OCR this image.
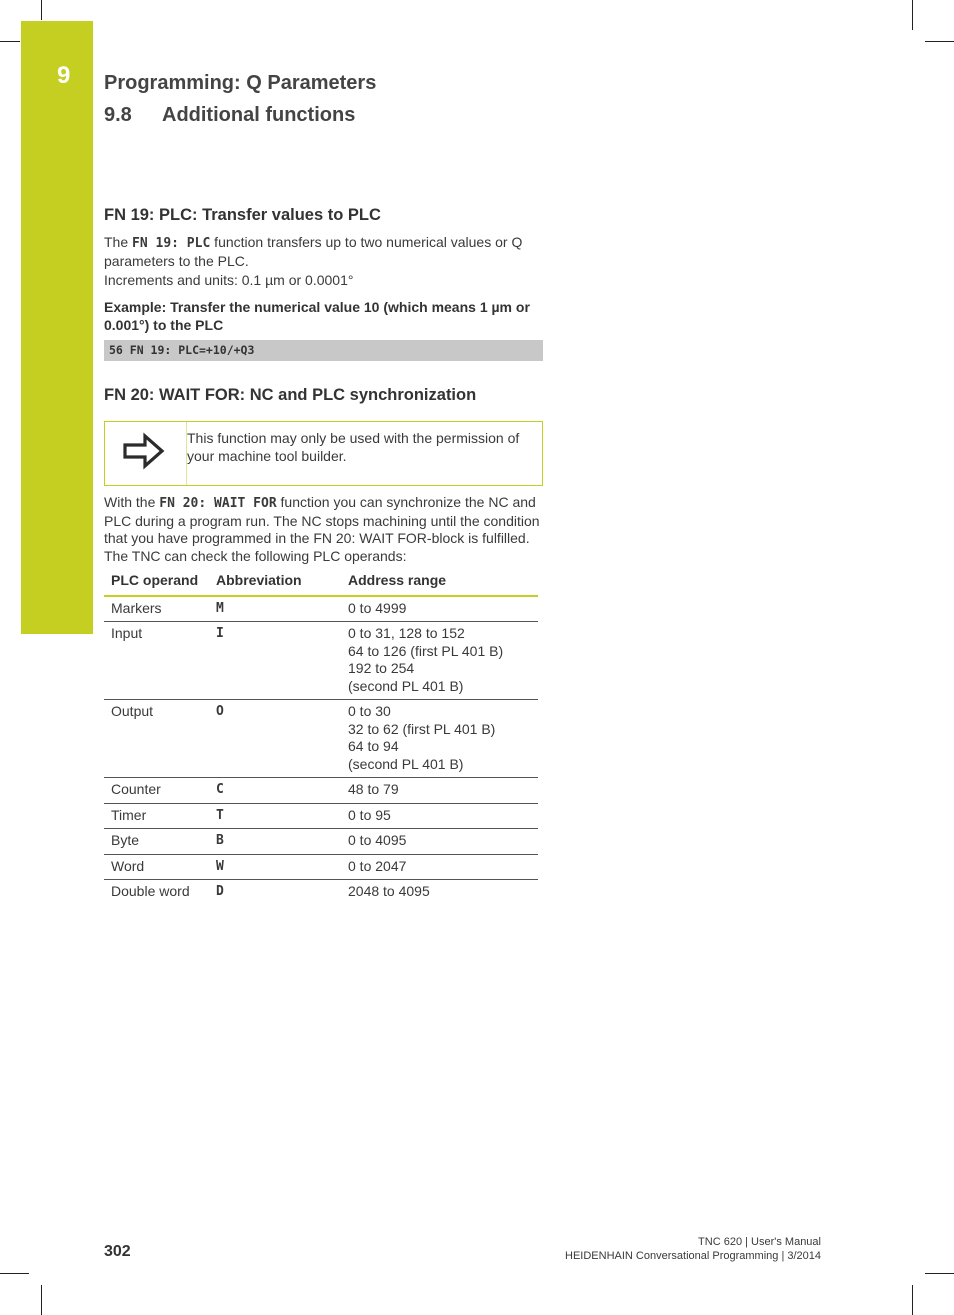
9 Programming: Q Parameters
9.8 Additional functions
FN 19: PLC: Transfer values to PLC
The FN 19: PLC function transfers up to two numerical values or Q parameters to the PLC.
Increments and units: 0.1 µm or 0.0001°
Example: Transfer the numerical value 10 (which means 1 µm or 0.001°) to the PLC
56 FN 19: PLC=+10/+Q3
FN 20: WAIT FOR: NC and PLC synchronization
This function may only be used with the permission of your machine tool builder.
With the FN 20: WAIT FOR function you can synchronize the NC and PLC during a program run. The NC stops machining until the condition that you have programmed in the FN 20: WAIT FOR-block is fulfilled. The TNC can check the following PLC operands:
PLC operand	Abbreviation	Address range
Markers	M	0 to 4999

Input	I	0 to 31, 128 to 152
64 to 126 (first PL 401 B)
192 to 254
(second PL 401 B)

Output	O	0 to 30
32 to 62 (first PL 401 B)
64 to 94
(second PL 401 B)

Counter	C	48 to 79

Timer	T	0 to 95

Byte	B	0 to 4095

Word	W	0 to 2047

Double word	D	2048 to 4095
302
TNC 620 | User's Manual
HEIDENHAIN Conversational Programming | 3/2014
